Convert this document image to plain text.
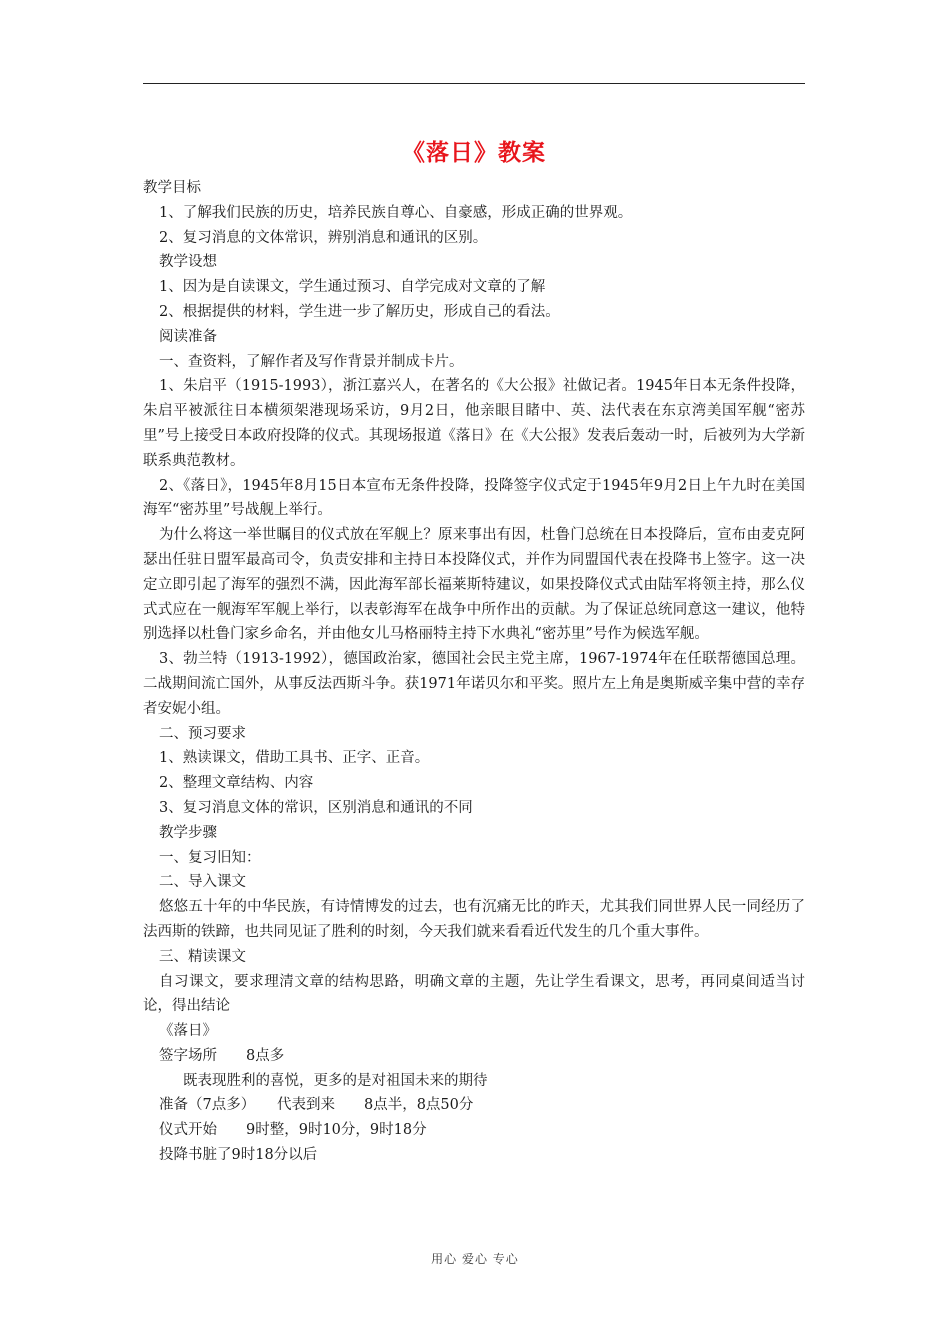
《落日》教案
教学目标
1、了解我们民族的历史，培养民族自尊心、自豪感，形成正确的世界观。
2、复习消息的文体常识，辨别消息和通讯的区别。
教学设想
1、因为是自读课文，学生通过预习、自学完成对文章的了解
2、根据提供的材料，学生进一步了解历史，形成自己的看法。
阅读准备
一、查资料，了解作者及写作背景并制成卡片。
1、朱启平（1915-1993），浙江嘉兴人，在著名的《大公报》社做记者。1945年日本无条件投降，朱启平被派往日本横须架港现场采访，9月2日，他亲眼目睹中、英、法代表在东京湾美国军舰“密苏里”号上接受日本政府投降的仪式。其现场报道《落日》在《大公报》发表后轰动一时，后被列为大学新联系典范教材。
2、《落日》，1945年8月15日本宣布无条件投降，投降签字仪式定于1945年9月2日上午九时在美国海军“密苏里”号战舰上举行。
为什么将这一举世瞩目的仪式放在军舰上？原来事出有因，杜鲁门总统在日本投降后，宣布由麦克阿瑟出任驻日盟军最高司令，负责安排和主持日本投降仪式，并作为同盟国代表在投降书上签字。这一决定立即引起了海军的强烈不满，因此海军部长福莱斯特建议，如果投降仪式式由陆军将领主持，那么仪式式应在一舰海军军舰上举行，以表彰海军在战争中所作出的贡献。为了保证总统同意这一建议，他特别选择以杜鲁门家乡命名，并由他女儿马格丽特主持下水典礼“密苏里”号作为候选军舰。
3、勃兰特（1913-1992），德国政治家，德国社会民主党主席，1967-1974年在任联帮德国总理。二战期间流亡国外，从事反法西斯斗争。获1971年诺贝尔和平奖。照片左上角是奥斯威辛集中营的幸存者安妮小组。
二、预习要求
1、熟读课文，借助工具书、正字、正音。
2、整理文章结构、内容
3、复习消息文体的常识，区别消息和通讯的不同
教学步骤
一、复习旧知：
二、导入课文
悠悠五十年的中华民族，有诗情博发的过去，也有沉痛无比的昨天，尤其我们同世界人民一同经历了法西斯的铁蹄，也共同见证了胜利的时刻，今天我们就来看看近代发生的几个重大事件。
三、精读课文
自习课文，要求理清文章的结构思路，明确文章的主题，先让学生看课文，思考，再同桌间适当讨论，得出结论
《落日》
签字场所　　8点多
既表现胜利的喜悦，更多的是对祖国未来的期待
准备（7点多）　　代表到来　　8点半，8点50分
仪式开始　　9时整，9时10分，9时18分
投降书脏了9时18分以后
用心 爱心 专心
